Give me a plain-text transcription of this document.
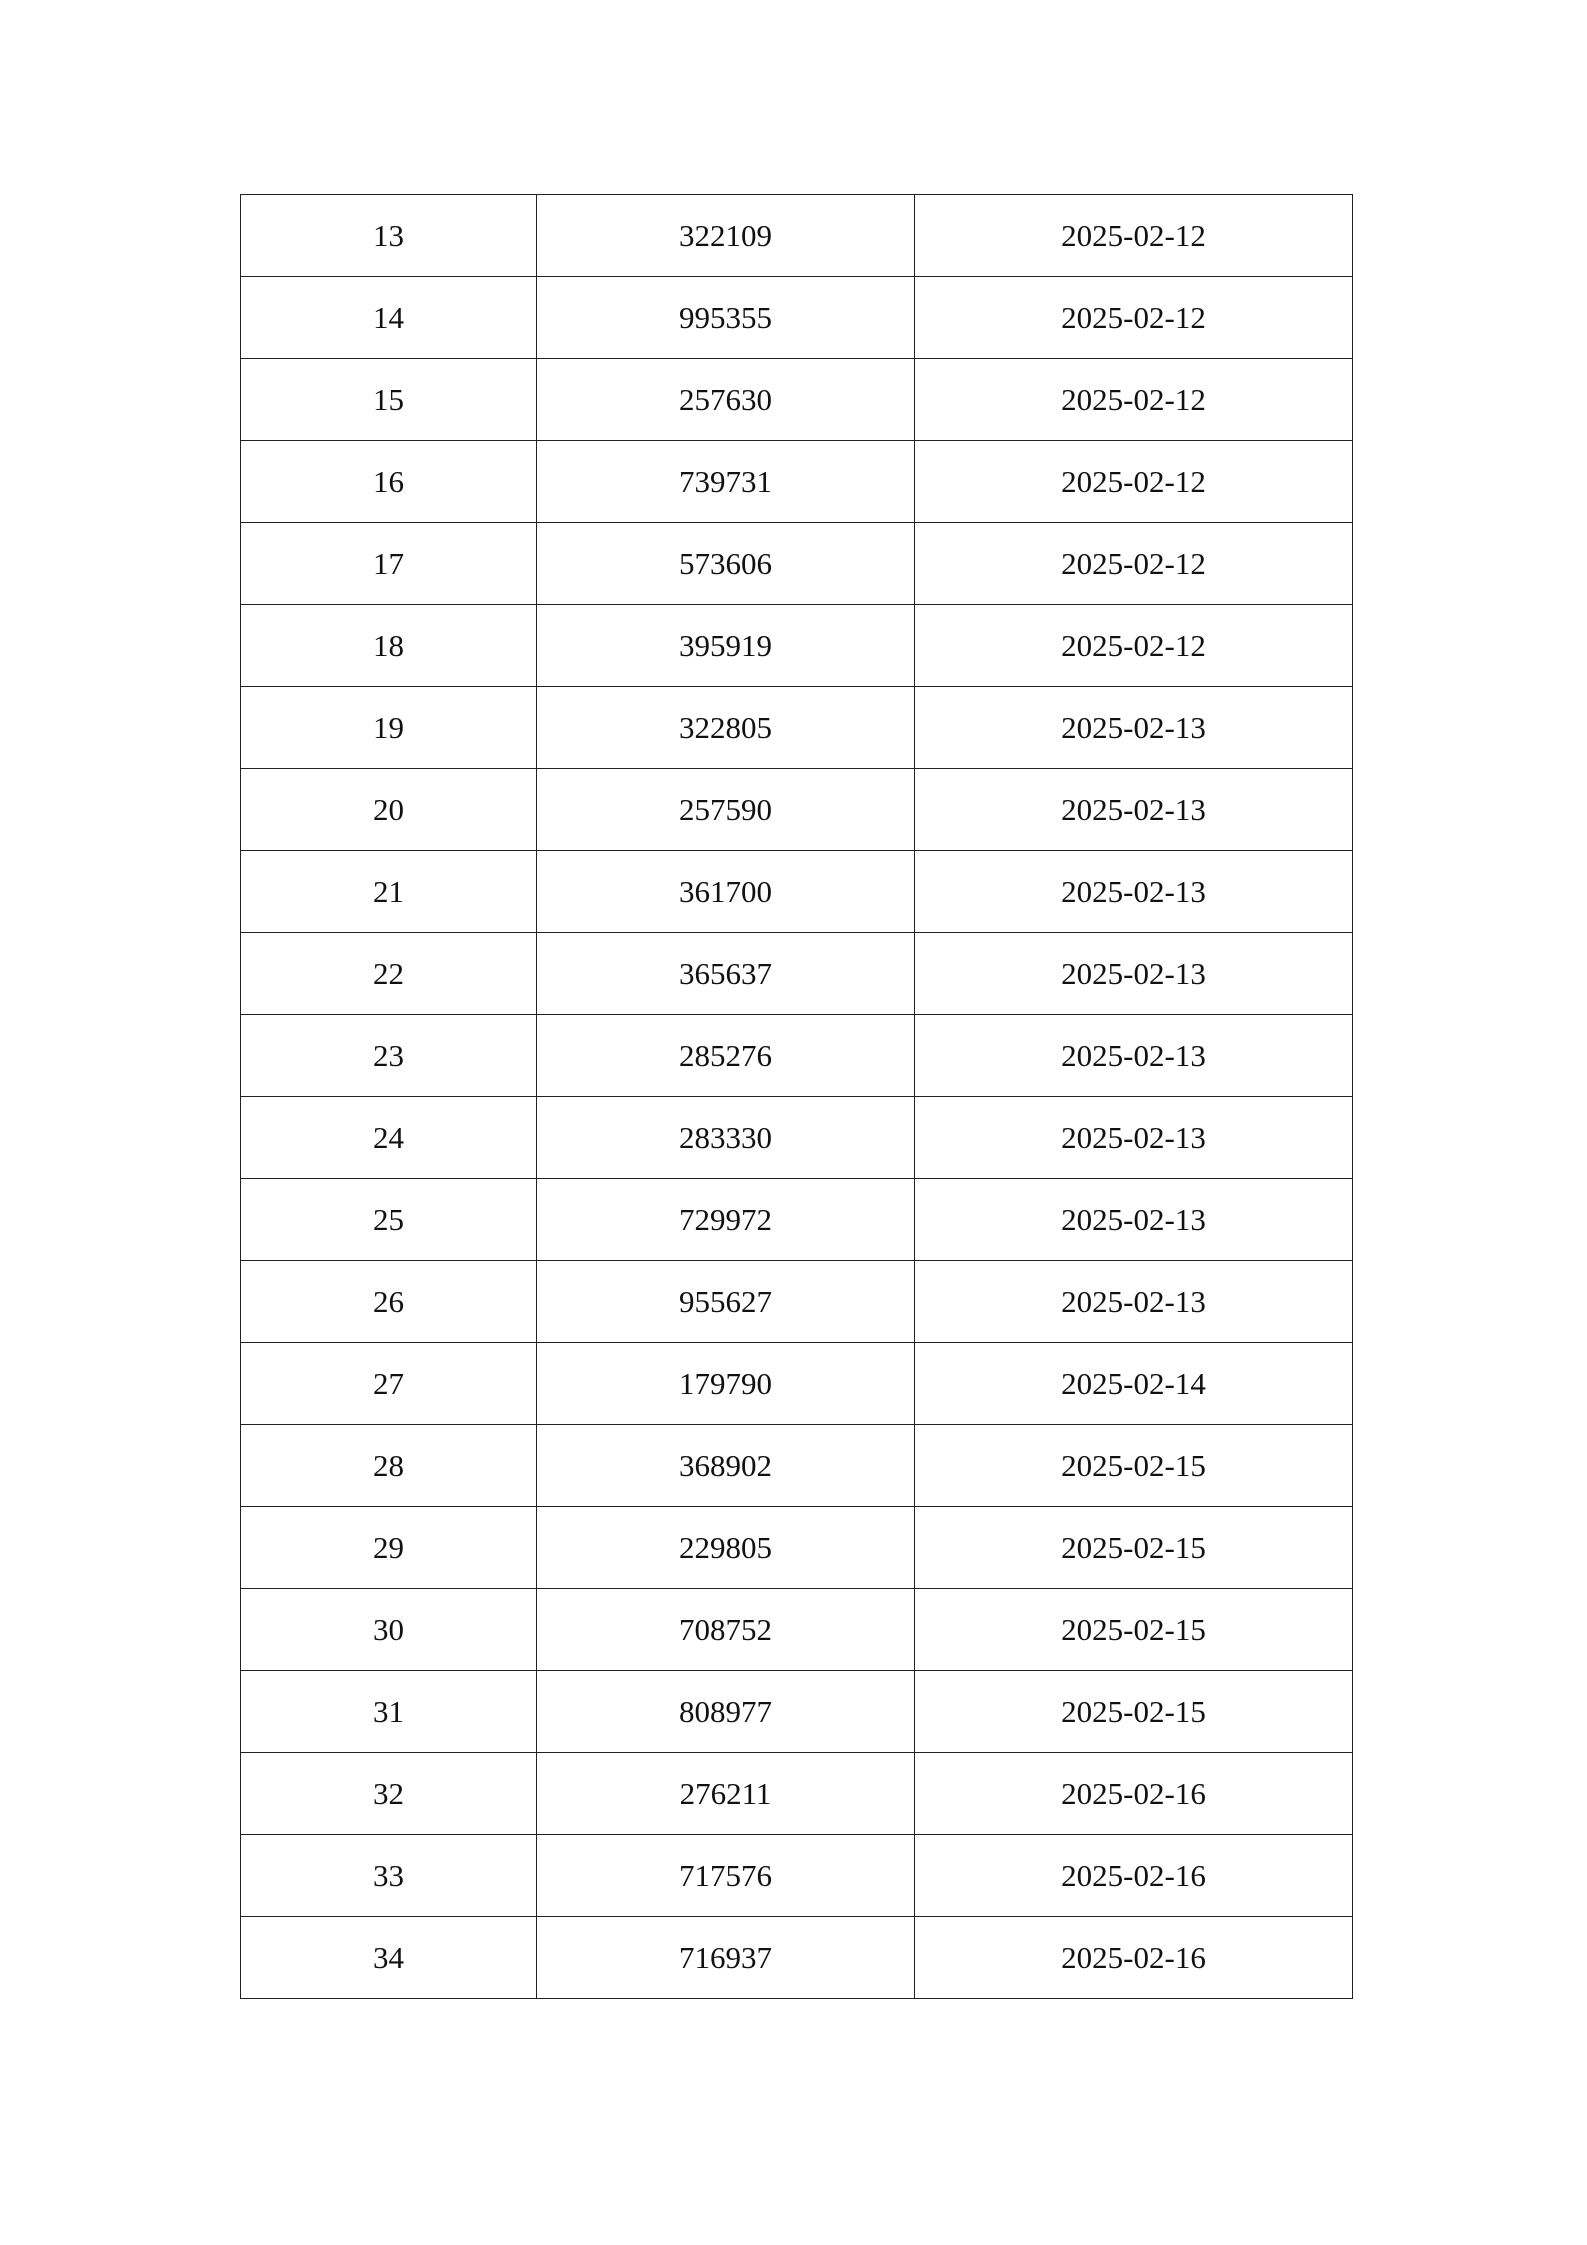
13	322109	2025-02-12
14	995355	2025-02-12
15	257630	2025-02-12
16	739731	2025-02-12
17	573606	2025-02-12
18	395919	2025-02-12
19	322805	2025-02-13
20	257590	2025-02-13
21	361700	2025-02-13
22	365637	2025-02-13
23	285276	2025-02-13
24	283330	2025-02-13
25	729972	2025-02-13
26	955627	2025-02-13
27	179790	2025-02-14
28	368902	2025-02-15
29	229805	2025-02-15
30	708752	2025-02-15
31	808977	2025-02-15
32	276211	2025-02-16
33	717576	2025-02-16
34	716937	2025-02-16
